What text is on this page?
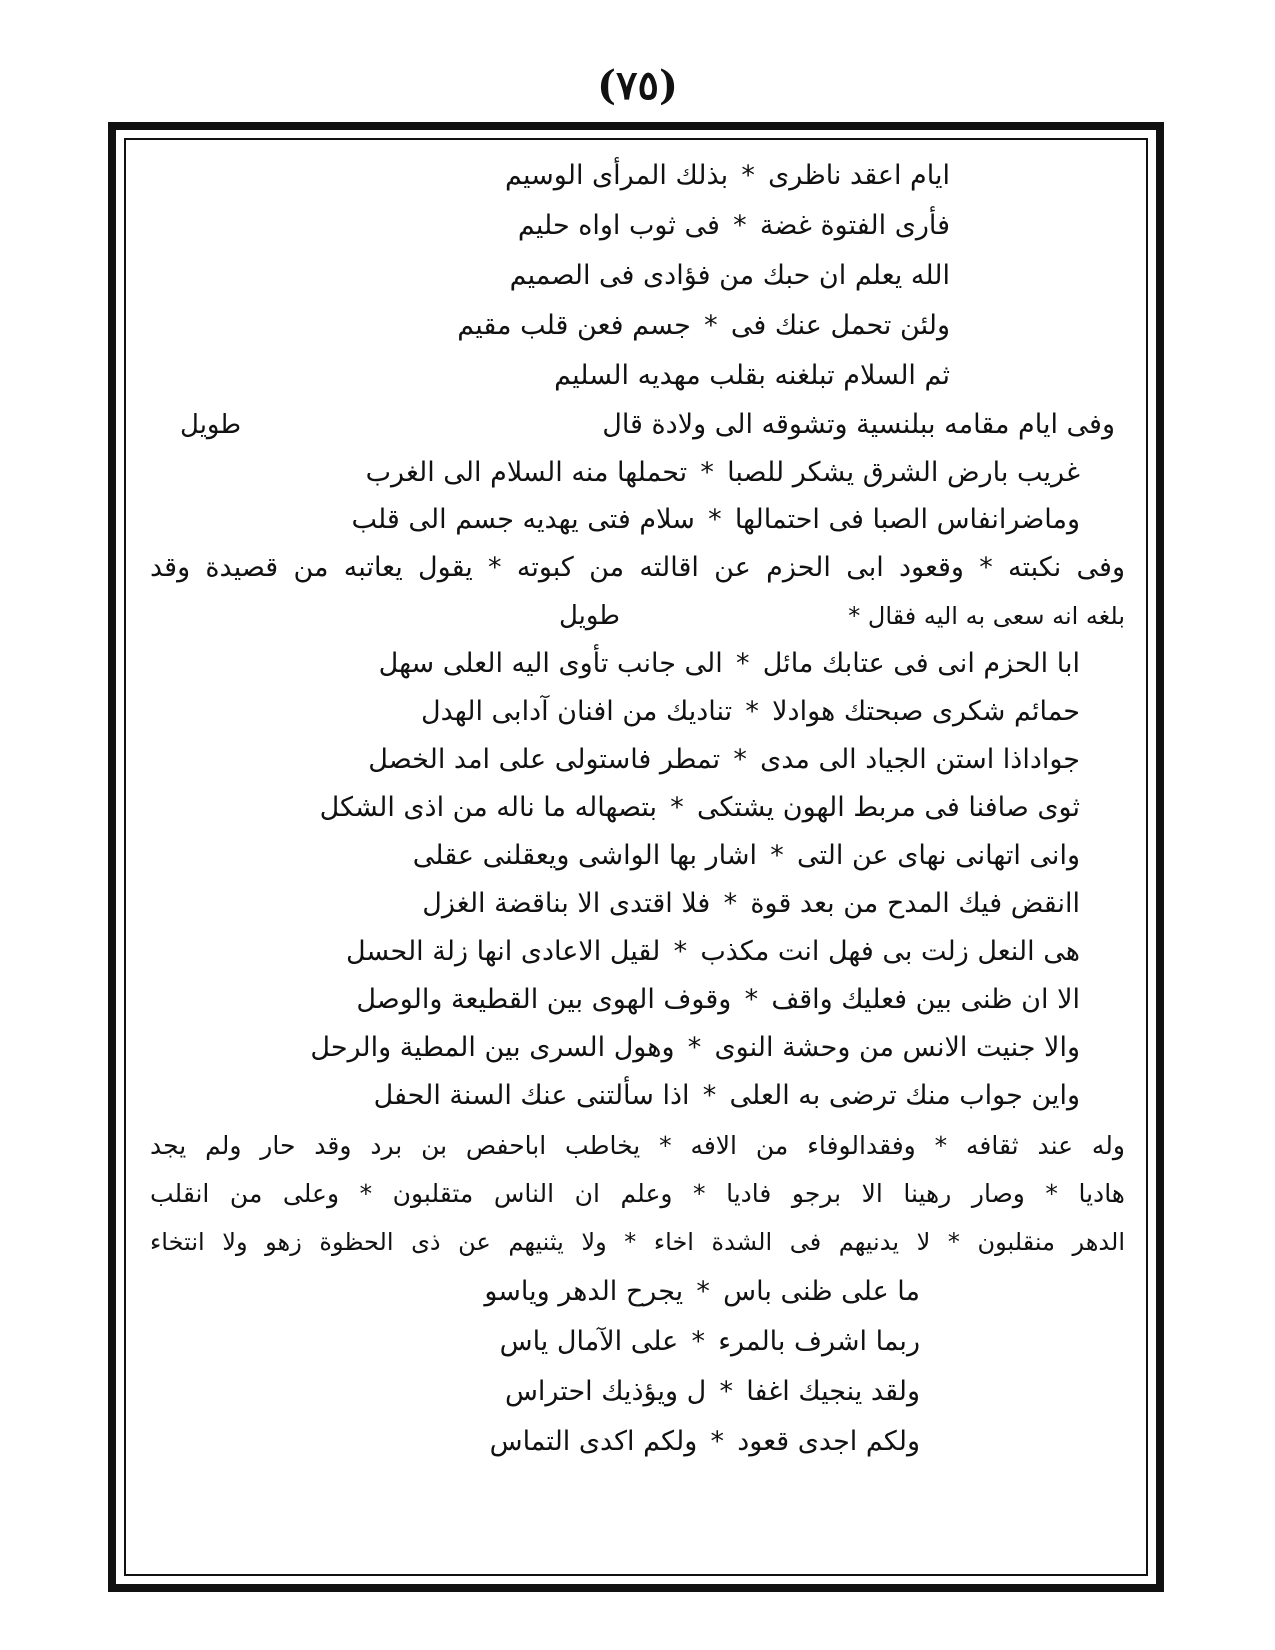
(٧٥)
ايام اعقد ناظرى
*
بذلك المرأى الوسيم
فأرى الفتوة غضة
*
فى ثوب اواه حليم
الله يعلم ان حبك من فؤادى فى الصميم
ولئن تحمل عنك فى
*
جسم فعن قلب مقيم
ثم السلام تبلغنه بقلب مهديه السليم
وفى ايام مقامه ببلنسية وتشوقه الى ولادة قال
طويل
غريب بارض الشرق يشكر للصبا
*
تحملها منه السلام الى الغرب
وماضرانفاس الصبا فى احتمالها
*
سلام فتى يهديه جسم الى قلب
وفى نكبته * وقعود ابى الحزم عن اقالته من كبوته * يقول يعاتبه من قصيدة وقد
بلغه انه سعى به اليه فقال *
طويل
ابا الحزم انى فى عتابك مائل
*
الى جانب تأوى اليه العلى سهل
حمائم شكرى صبحتك هوادلا
*
تناديك من افنان آدابى الهدل
جواداذا استن الجياد الى مدى
*
تمطر فاستولى على امد الخصل
ثوى صافنا فى مربط الهون يشتكى
*
بتصهاله ما ناله من اذى الشكل
وانى اتهانى نهاى عن التى
*
اشار بها الواشى ويعقلنى عقلى
اانقض فيك المدح من بعد قوة
*
فلا اقتدى الا بناقضة الغزل
هى النعل زلت بى فهل انت مكذب
*
لقيل الاعادى انها زلة الحسل
الا ان ظنى بين فعليك واقف
*
وقوف الهوى بين القطيعة والوصل
والا جنيت الانس من وحشة النوى
*
وهول السرى بين المطية والرحل
واين جواب منك ترضى به العلى
*
اذا سألتنى عنك السنة الحفل
وله عند ثقافه * وفقدالوفاء من الافه * يخاطب اباحفص بن برد وقد حار ولم يجد
هاديا * وصار رهينا الا برجو فاديا * وعلم ان الناس متقلبون * وعلى من انقلب
الدهر منقلبون * لا يدنيهم فى الشدة اخاء * ولا يثنيهم عن ذى الحظوة زهو ولا انتخاء
ما على ظنى باس
*
يجرح الدهر وياسو
ربما اشرف بالمرء
*
على الآمال ياس
ولقد ينجيك اغفا
*
ل ويؤذيك احتراس
ولكم اجدى قعود
*
ولكم اكدى التماس
